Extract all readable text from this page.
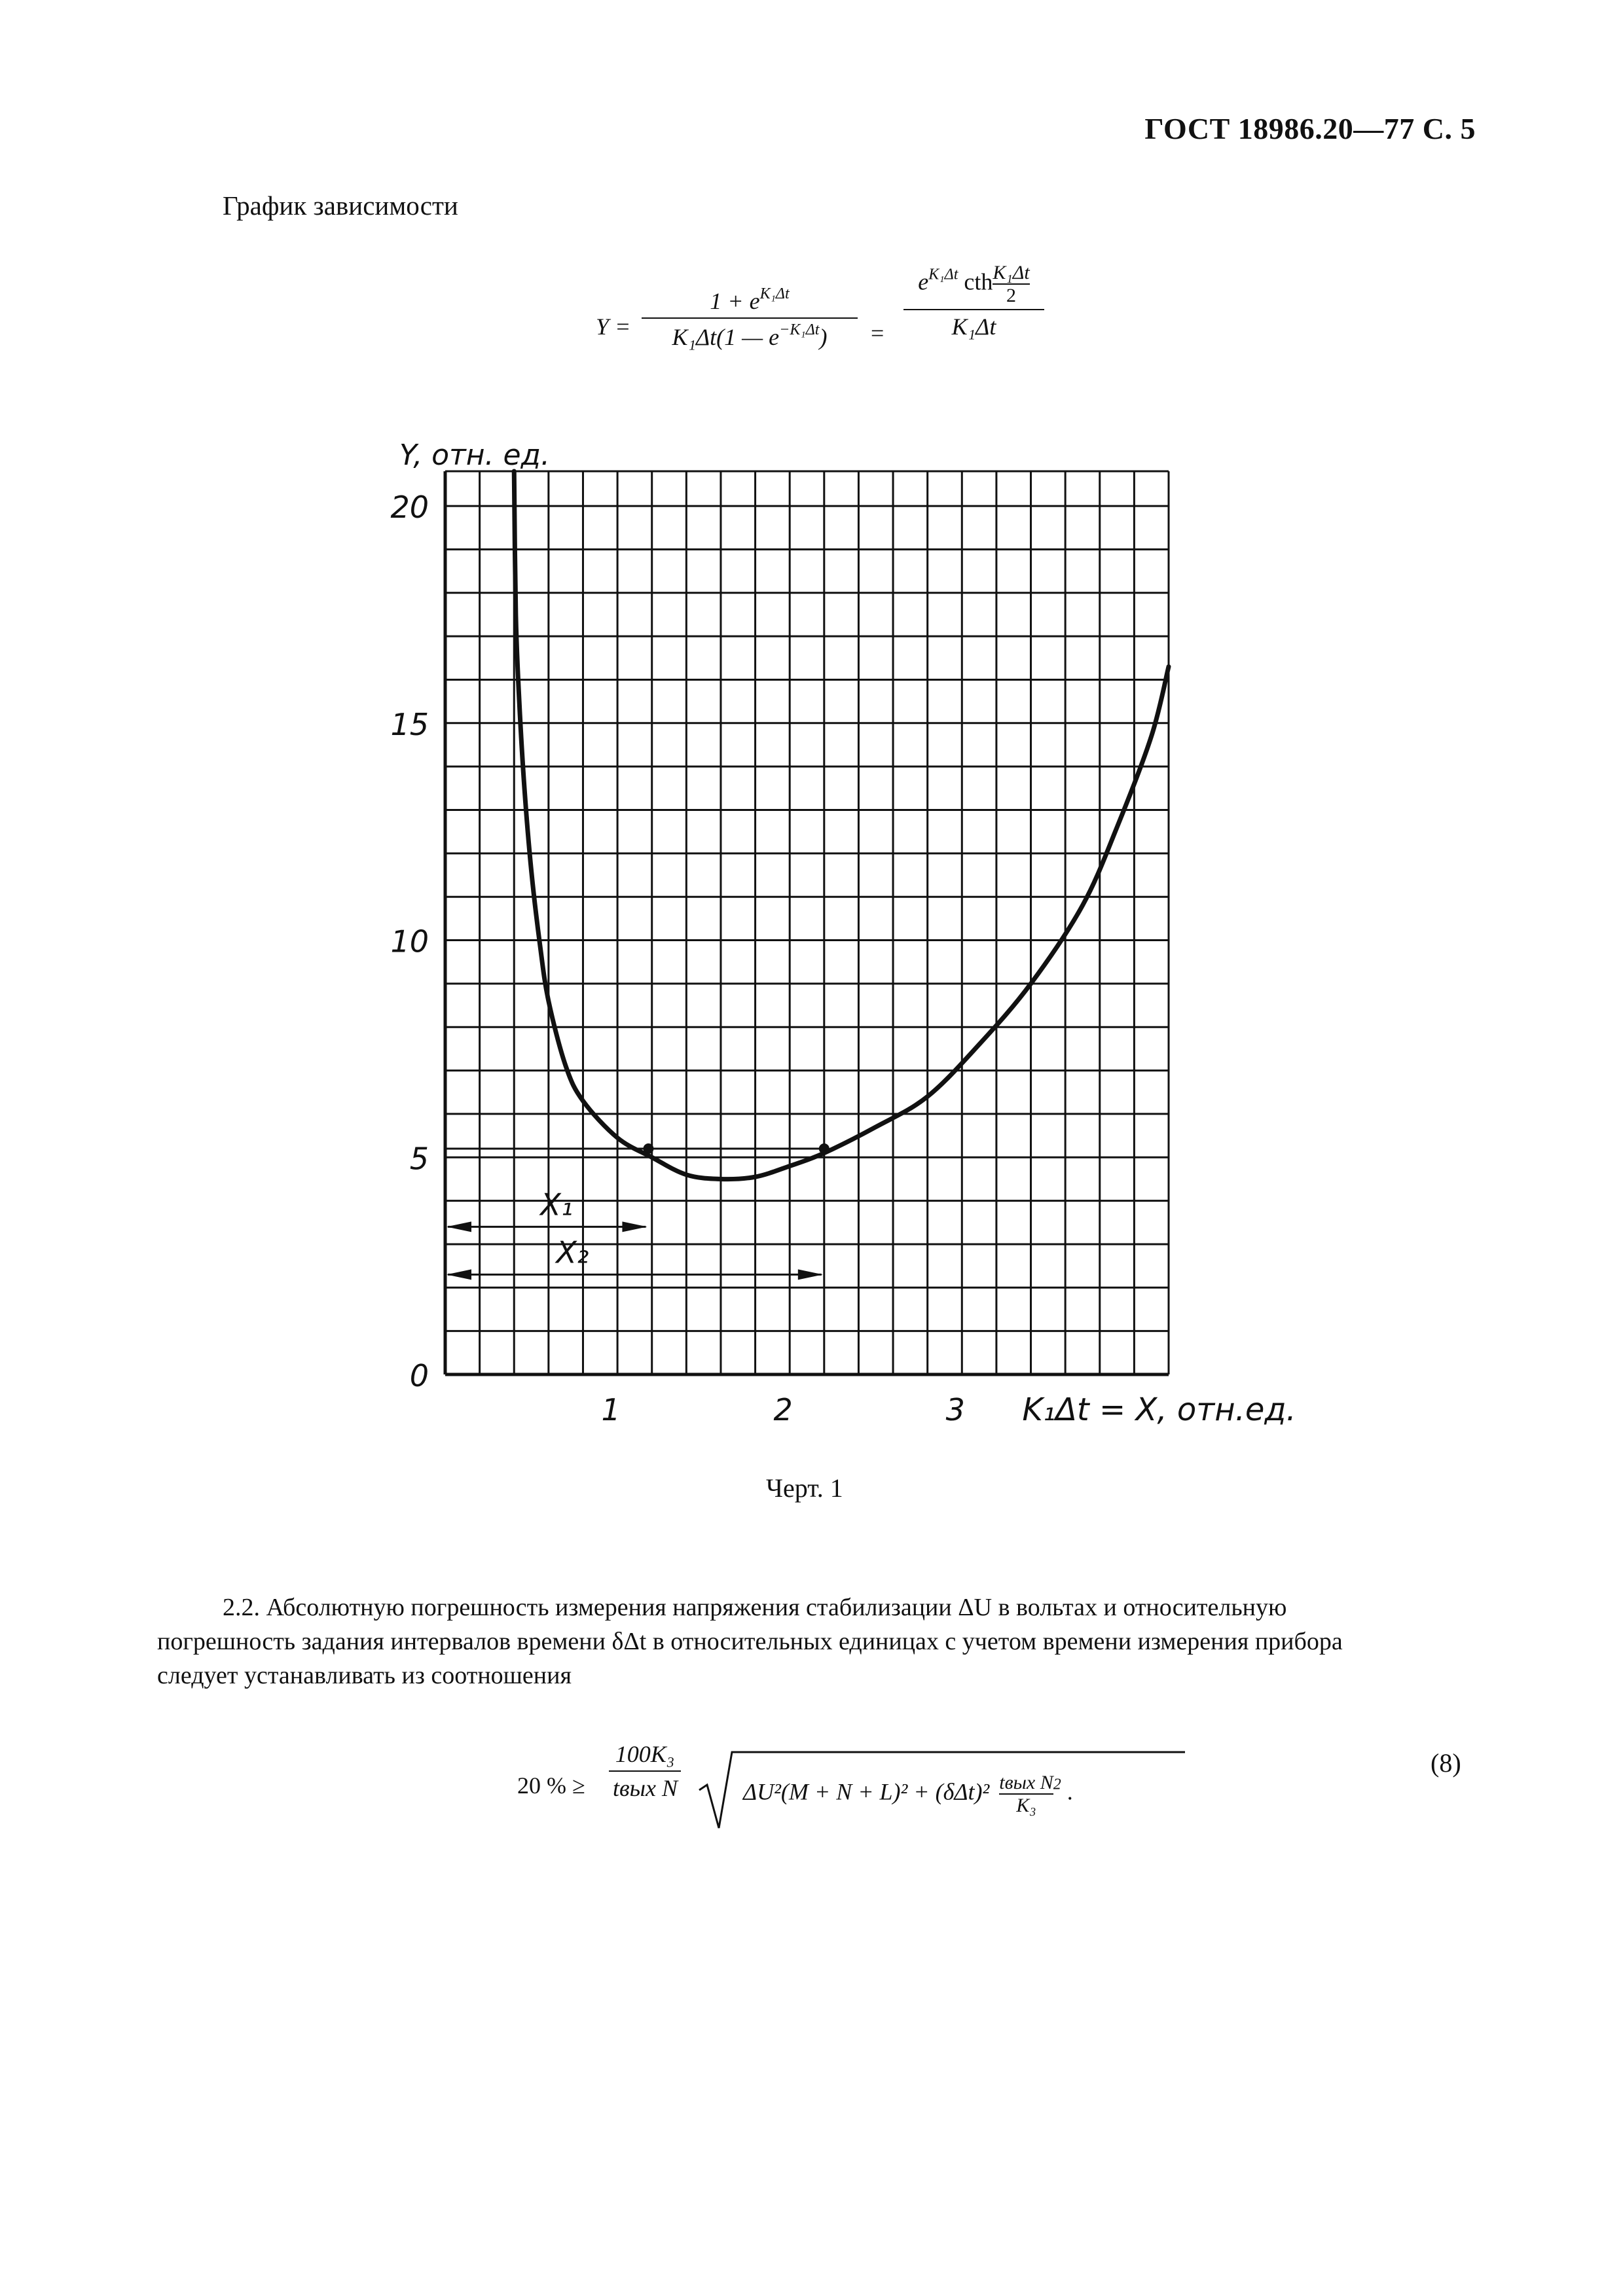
ГОСТ 18986.20—77 С. 5
График зависимости
Y =
$1 + e^{K_1\Delta t}$
K₁Δt(1 — $e^{-K_1\Delta t}$)	=
$e^{K_1\Delta t}$ $cth\frac{\text{K₁Δt}}{2}$
K₁Δt
0
5
10
15
20
1	2	3
Y, отн. ед.
K₁Δt = X, отн.ед.
X₁
X₂
Черт. 1
2.2. Абсолютную погрешность измерения напряжения стабилизации ΔU в вольтах и относительную
погрешность задания интервалов времени δΔt в относительных единицах с учетом времени измерения прибора
следует устанавливать из соотношения
20 % ≥
100K₃
tвых N	$\Delta U^2(M + N + L)^2 + (\delta\Delta t)^2 \frac{\text{tвых N}}{\text{K₃}}^2$ .
(8)
